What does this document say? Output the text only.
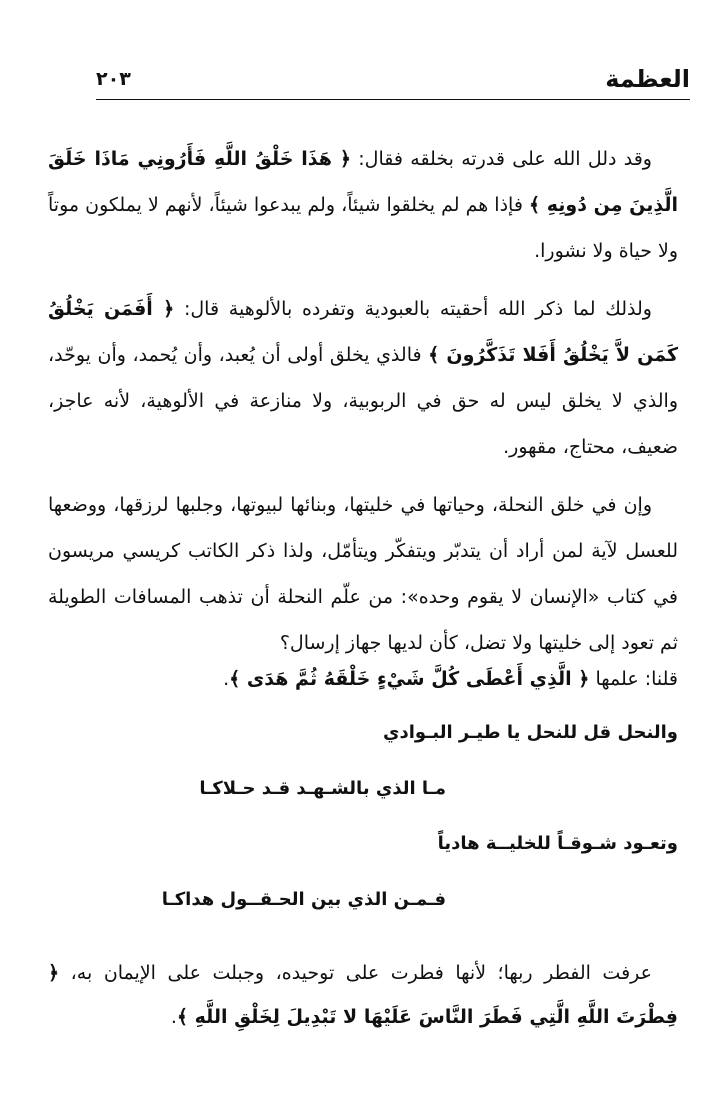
العظمة
٢٠٣

وقد دلل الله على قدرته بخلقه فقال: ﴿ هَذَا خَلْقُ اللَّهِ فَأَرُونِي مَاذَا خَلَقَ الَّذِينَ مِن دُونِهِ ﴾ فإذا هم لم يخلقوا شيئاً، ولم يبدعوا شيئاً، لأنهم لا يملكون موتاً ولا حياة ولا نشورا.

ولذلك لما ذكر الله أحقيته بالعبودية وتفرده بالألوهية قال: ﴿ أَفَمَن يَخْلُقُ كَمَن لاَّ يَخْلُقُ أَفَلا تَذَكَّرُونَ ﴾ فالذي يخلق أولى أن يُعبد، وأن يُحمد، وأن يوحّد، والذي لا يخلق ليس له حق في الربوبية، ولا منازعة في الألوهية، لأنه عاجز، ضعيف، محتاج، مقهور.

وإن في خلق النحلة، وحياتها في خليتها، وبنائها لبيوتها، وجلبها لرزقها، ووضعها للعسل لآية لمن أراد أن يتدبّر ويتفكّر ويتأمّل، ولذا ذكر الكاتب كريسي مريسون في كتاب «الإنسان لا يقوم وحده»: من علّم النحلة أن تذهب المسافات الطويلة ثم تعود إلى خليتها ولا تضل، كأن لديها جهاز إرسال؟

قلنا: علمها ﴿ الَّذِي أَعْطَى كُلَّ شَيْءٍ خَلْقَهُ ثُمَّ هَدَى ﴾.
والنحل قل للنحل يا طيـر البـوادي
مـا الذي بالشـهـد قـد حـلاكـا
وتعـود شـوقـاً للخليــة هادياً
فـمـن الذي بين الحـقــول هداكـا

عرفت الفطر ربها؛ لأنها فطرت على توحيده، وجبلت على الإيمان به، ﴿ فِطْرَتَ اللَّهِ الَّتِي فَطَرَ النَّاسَ عَلَيْهَا لا تَبْدِيلَ لِخَلْقِ اللَّهِ ﴾.
